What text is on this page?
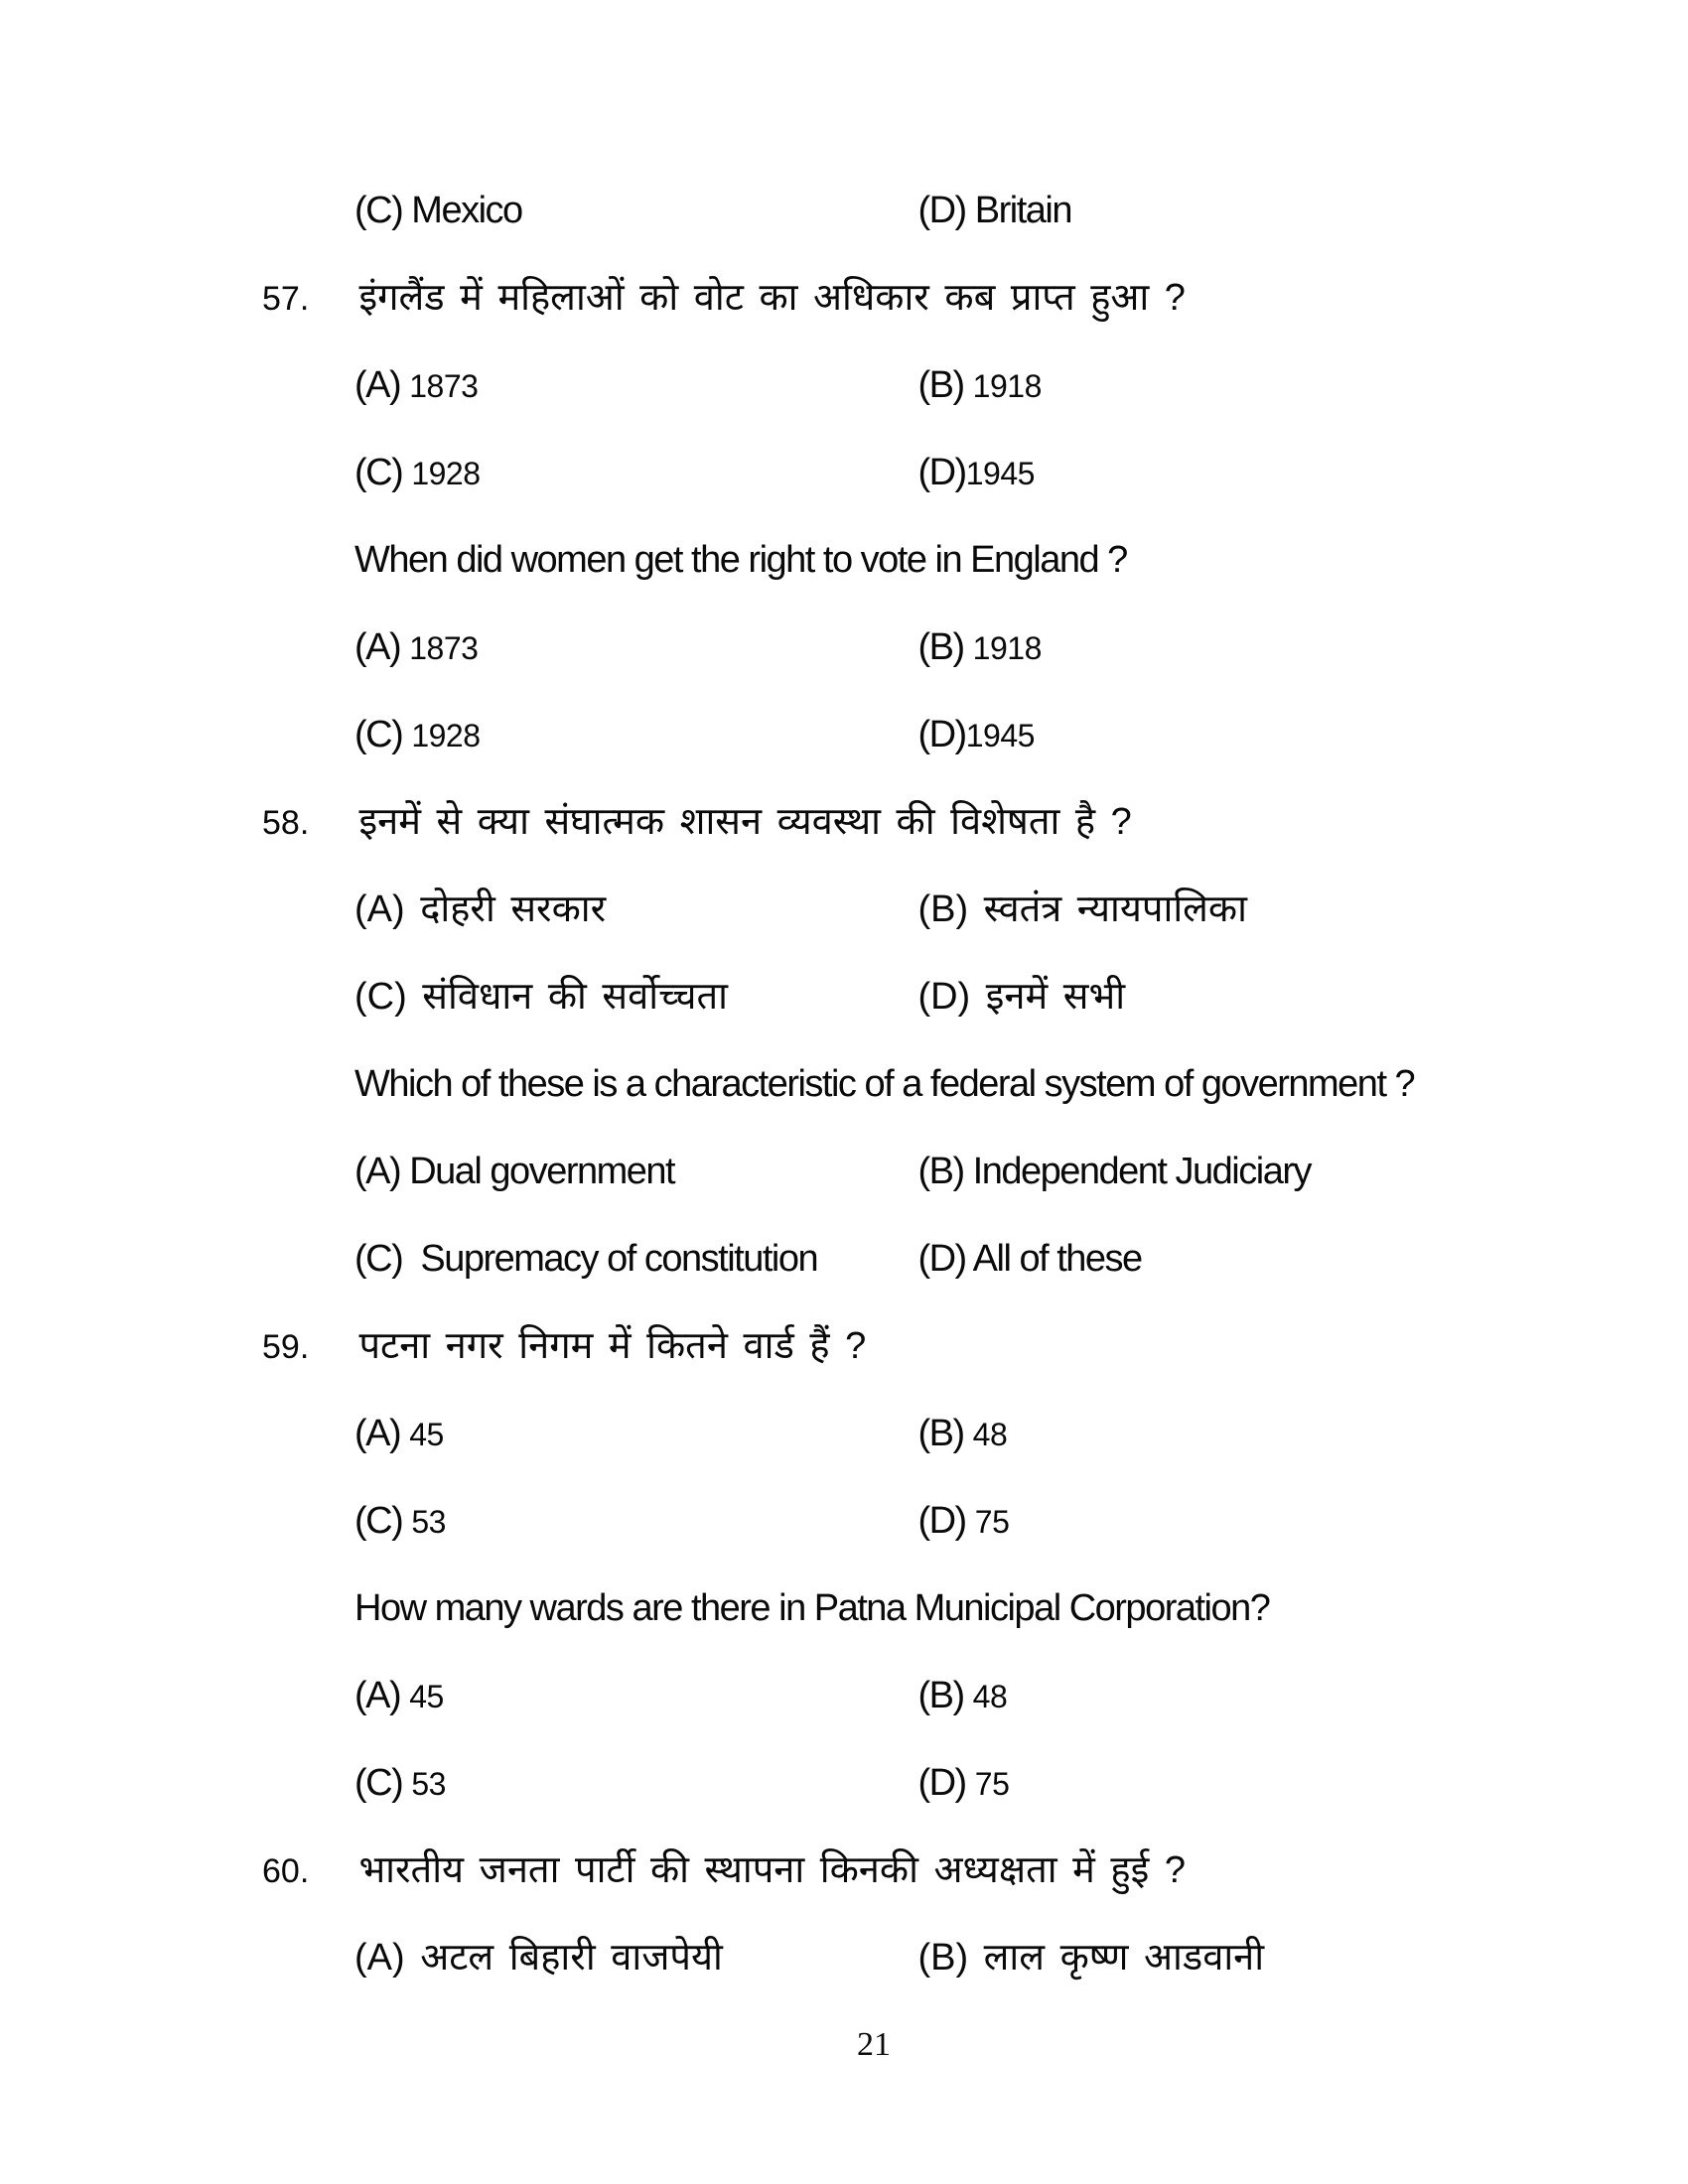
(C) Mexico	(D) Britain
57. इंगलैंड में महिलाओं को वोट का अधिकार कब प्राप्त हुआ ?
(A) 1873	(B) 1918
(C) 1928	(D)1945
When did women get the right to vote in England ?
(A) 1873	(B) 1918
(C) 1928	(D)1945
58. इनमें से क्या संघात्मक शासन व्यवस्था की विशेषता है ?
(A) दोहरी सरकार	(B) स्वतंत्र न्यायपालिका
(C) संविधान की सर्वोच्चता	(D) इनमें सभी
Which of these is a characteristic of a federal system of government ?
(A) Dual government	(B) Independent Judiciary
(C)  Supremacy of constitution	(D) All of these
59. पटना नगर निगम में कितने वार्ड हैं ?
(A) 45	(B) 48
(C) 53	(D) 75
How many wards are there in Patna Municipal Corporation?
(A) 45	(B) 48
(C) 53	(D) 75
60. भारतीय जनता पार्टी की स्थापना किनकी अध्यक्षता में हुई ?
(A) अटल बिहारी वाजपेयी	(B) लाल कृष्ण आडवानी
21
